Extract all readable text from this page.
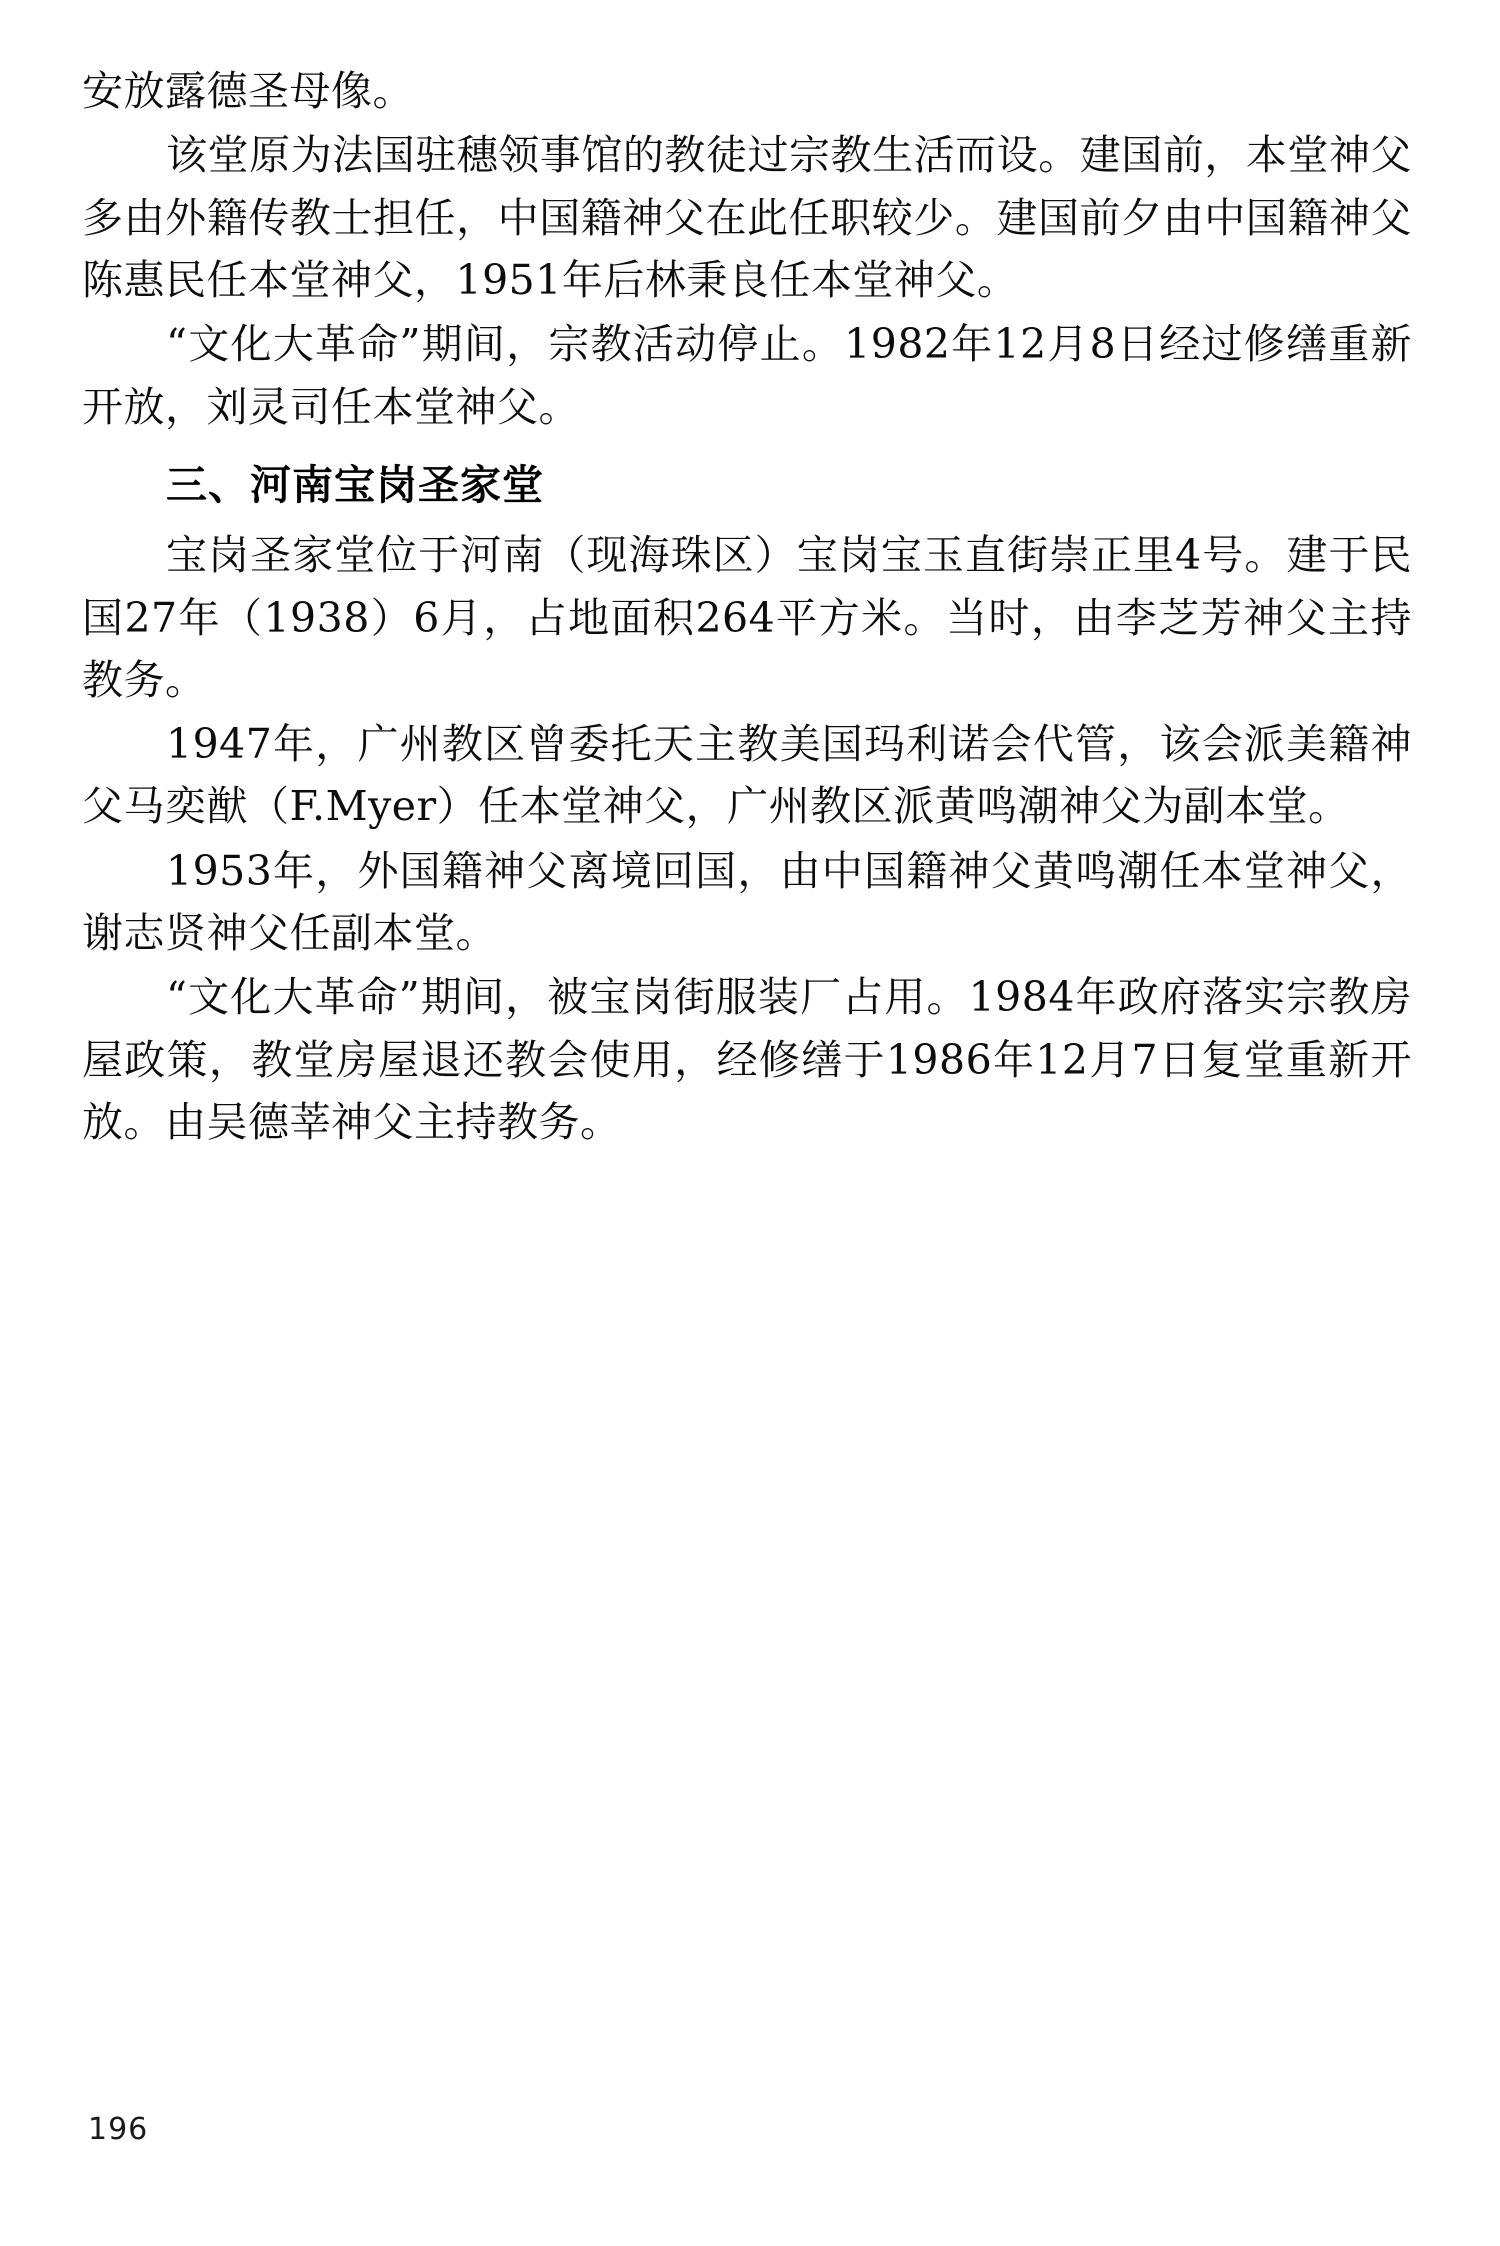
安放露德圣母像。

该堂原为法国驻穗领事馆的教徒过宗教生活而设。建国前，本堂神父多由外籍传教士担任，中国籍神父在此任职较少。建国前夕由中国籍神父陈惠民任本堂神父，1951年后林秉良任本堂神父。

“文化大革命”期间，宗教活动停止。1982年12月8日经过修缮重新开放，刘灵司任本堂神父。

三、河南宝岗圣家堂

宝岗圣家堂位于河南（现海珠区）宝岗宝玉直街崇正里4号。建于民国27年（1938）6月，占地面积264平方米。当时，由李芝芳神父主持教务。

1947年，广州教区曾委托天主教美国玛利诺会代管，该会派美籍神父马奕猷（F.Myer）任本堂神父，广州教区派黄鸣潮神父为副本堂。

1953年，外国籍神父离境回国，由中国籍神父黄鸣潮任本堂神父，谢志贤神父任副本堂。

“文化大革命”期间，被宝岗街服装厂占用。1984年政府落实宗教房屋政策，教堂房屋退还教会使用，经修缮于1986年12月7日复堂重新开放。由吴德莘神父主持教务。

196
